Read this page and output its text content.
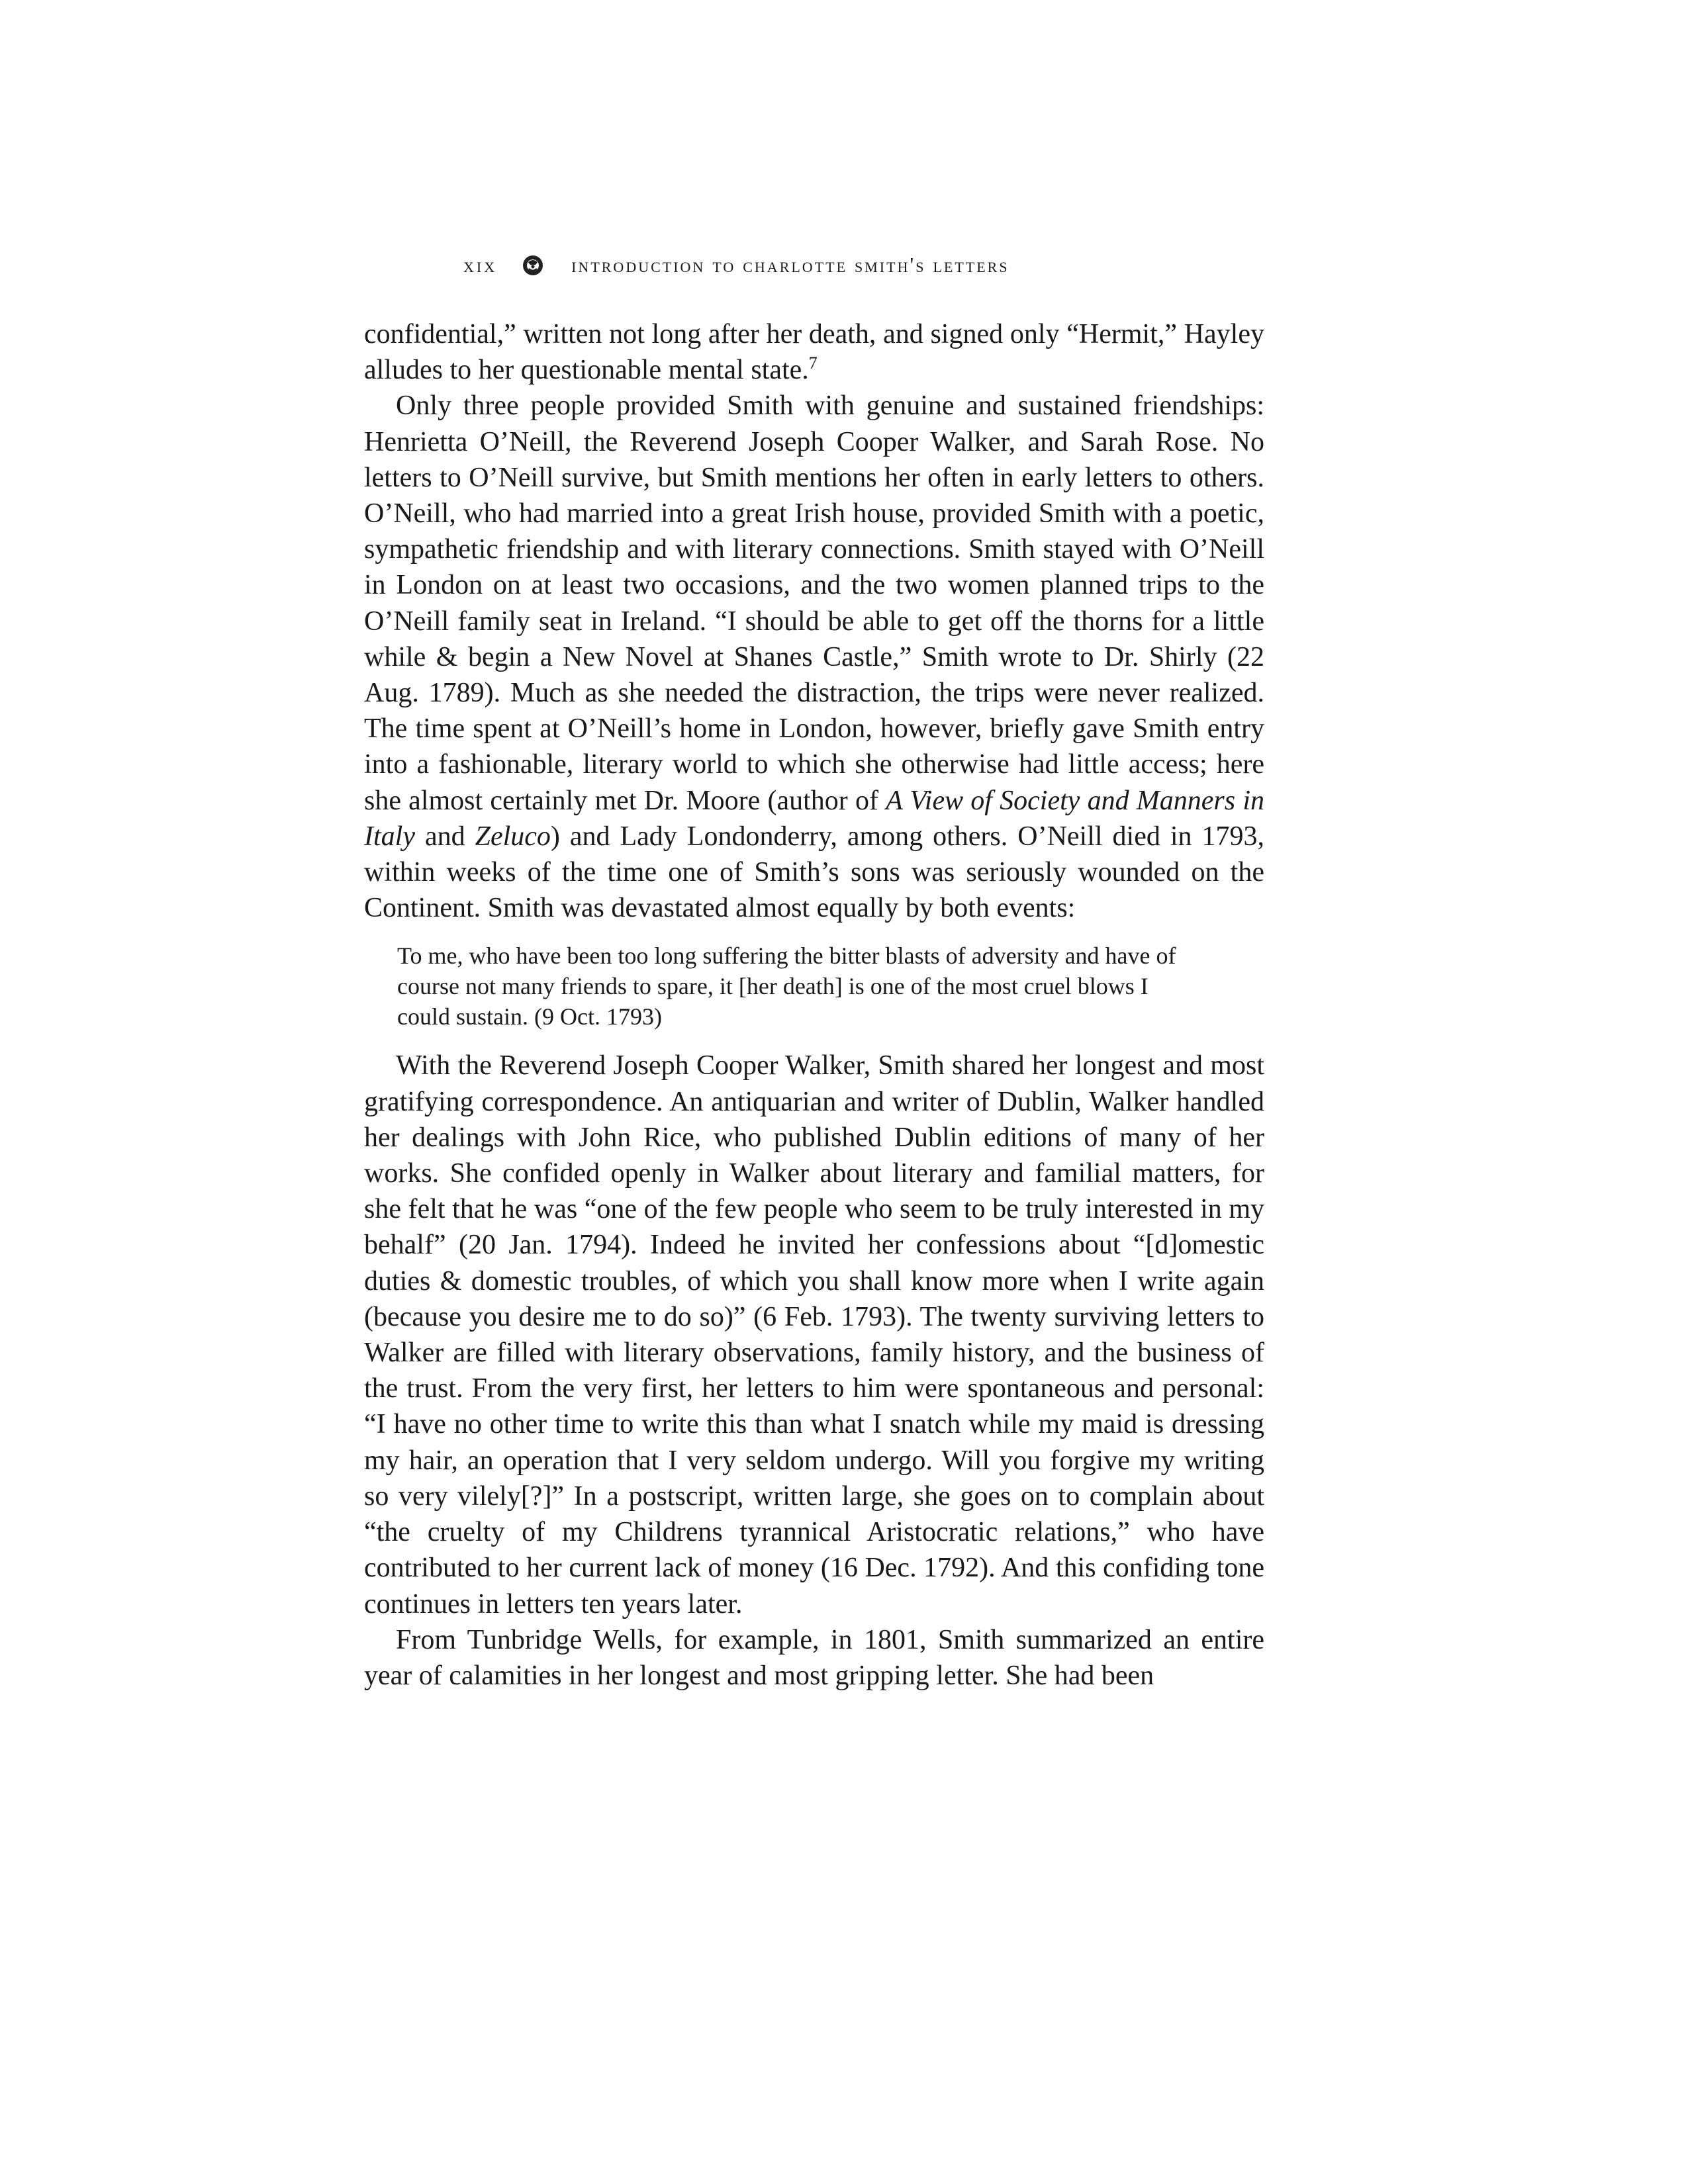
xix	introduction to charlotte smith's letters

confidential,” written not long after her death, and signed only “Hermit,” Hayley alludes to her questionable mental state.$^7$

Only three people provided Smith with genuine and sustained friendships: Henrietta O’Neill, the Reverend Joseph Cooper Walker, and Sarah Rose. No letters to O’Neill survive, but Smith mentions her often in early letters to others. O’Neill, who had married into a great Irish house, provided Smith with a poetic, sympathetic friendship and with literary connections. Smith stayed with O’Neill in London on at least two occasions, and the two women planned trips to the O’Neill family seat in Ireland. “I should be able to get off the thorns for a little while & begin a New Novel at Shanes Castle,” Smith wrote to Dr. Shirly (22 Aug. 1789). Much as she needed the distraction, the trips were never realized. The time spent at O’Neill’s home in London, however, briefly gave Smith entry into a fashionable, literary world to which she otherwise had little access; here she almost certainly met Dr. Moore (author of A View of Society and Manners in Italy and Zeluco) and Lady Londonderry, among others. O’Neill died in 1793, within weeks of the time one of Smith’s sons was seriously wounded on the Continent. Smith was devastated almost equally by both events:

To me, who have been too long suffering the bitter blasts of adversity and have of course not many friends to spare, it [her death] is one of the most cruel blows I could sustain. (9 Oct. 1793)

With the Reverend Joseph Cooper Walker, Smith shared her longest and most gratifying correspondence. An antiquarian and writer of Dublin, Walker handled her dealings with John Rice, who published Dublin editions of many of her works. She confided openly in Walker about literary and familial matters, for she felt that he was “one of the few people who seem to be truly interested in my behalf” (20 Jan. 1794). Indeed he invited her confessions about “[d]omestic duties & domestic troubles, of which you shall know more when I write again (because you desire me to do so)” (6 Feb. 1793). The twenty surviving letters to Walker are filled with literary observations, family history, and the business of the trust. From the very first, her letters to him were spontaneous and personal: “I have no other time to write this than what I snatch while my maid is dressing my hair, an operation that I very seldom undergo. Will you forgive my writing so very vilely[?]” In a postscript, written large, she goes on to complain about “the cruelty of my Childrens tyrannical Aristocratic relations,” who have contributed to her current lack of money (16 Dec. 1792). And this confiding tone continues in letters ten years later.

From Tunbridge Wells, for example, in 1801, Smith summarized an entire year of calamities in her longest and most gripping letter. She had been
